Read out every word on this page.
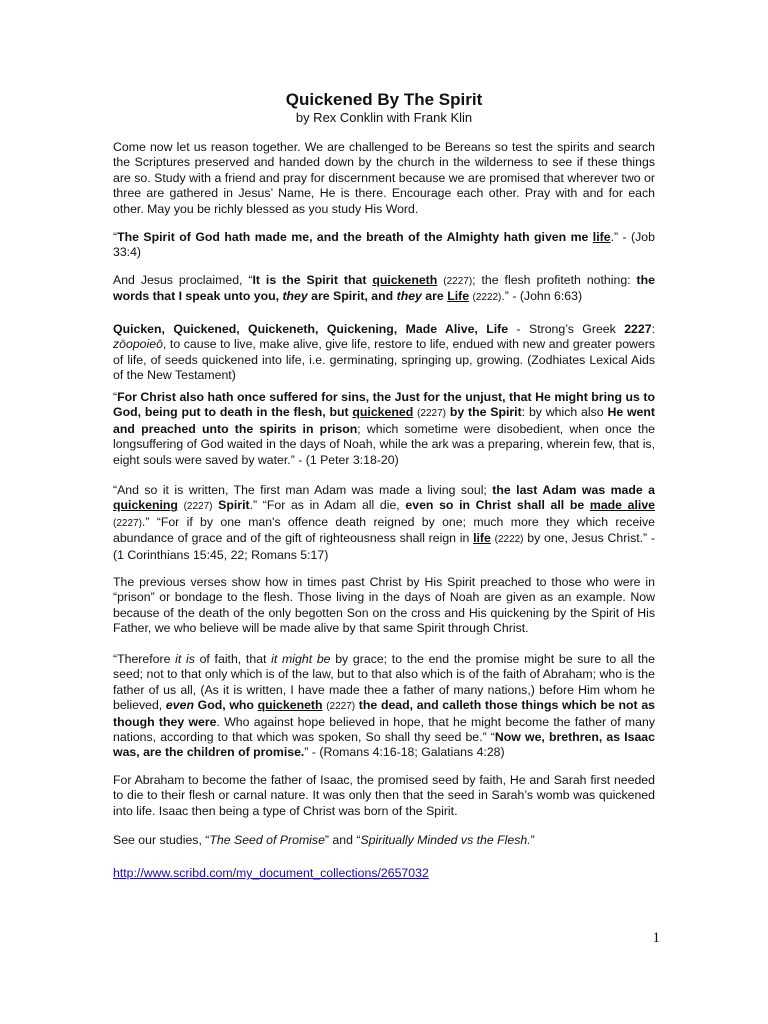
Quickened By The Spirit
by Rex Conklin with Frank Klin
Come now let us reason together. We are challenged to be Bereans so test the spirits and search the Scriptures preserved and handed down by the church in the wilderness to see if these things are so. Study with a friend and pray for discernment because we are promised that wherever two or three are gathered in Jesus’ Name, He is there. Encourage each other. Pray with and for each other. May you be richly blessed as you study His Word.
“The Spirit of God hath made me, and the breath of the Almighty hath given me life.” - (Job 33:4)
And Jesus proclaimed, “It is the Spirit that quickeneth (2227); the flesh profiteth nothing: the words that I speak unto you, they are Spirit, and they are Life (2222).” - (John 6:63)
Quicken, Quickened, Quickeneth, Quickening, Made Alive, Life - Strong’s Greek 2227: zōopoieō, to cause to live, make alive, give life, restore to life, endued with new and greater powers of life, of seeds quickened into life, i.e. germinating, springing up, growing. (Zodhiates Lexical Aids of the New Testament)
“For Christ also hath once suffered for sins, the Just for the unjust, that He might bring us to God, being put to death in the flesh, but quickened (2227) by the Spirit: by which also He went and preached unto the spirits in prison; which sometime were disobedient, when once the longsuffering of God waited in the days of Noah, while the ark was a preparing, wherein few, that is, eight souls were saved by water.” - (1 Peter 3:18-20)
“And so it is written, The first man Adam was made a living soul; the last Adam was made a quickening (2227) Spirit.” “For as in Adam all die, even so in Christ shall all be made alive (2227).” “For if by one man's offence death reigned by one; much more they which receive abundance of grace and of the gift of righteousness shall reign in life (2222) by one, Jesus Christ.” - (1 Corinthians 15:45, 22; Romans 5:17)
The previous verses show how in times past Christ by His Spirit preached to those who were in “prison” or bondage to the flesh. Those living in the days of Noah are given as an example. Now because of the death of the only begotten Son on the cross and His quickening by the Spirit of His Father, we who believe will be made alive by that same Spirit through Christ.
“Therefore it is of faith, that it might be by grace; to the end the promise might be sure to all the seed; not to that only which is of the law, but to that also which is of the faith of Abraham; who is the father of us all, (As it is written, I have made thee a father of many nations,) before Him whom he believed, even God, who quickeneth (2227) the dead, and calleth those things which be not as though they were. Who against hope believed in hope, that he might become the father of many nations, according to that which was spoken, So shall thy seed be.” “Now we, brethren, as Isaac was, are the children of promise.” - (Romans 4:16-18; Galatians 4:28)
For Abraham to become the father of Isaac, the promised seed by faith, He and Sarah first needed to die to their flesh or carnal nature. It was only then that the seed in Sarah’s womb was quickened into life. Isaac then being a type of Christ was born of the Spirit.
See our studies, “The Seed of Promise” and “Spiritually Minded vs the Flesh.”
http://www.scribd.com/my_document_collections/2657032
1
